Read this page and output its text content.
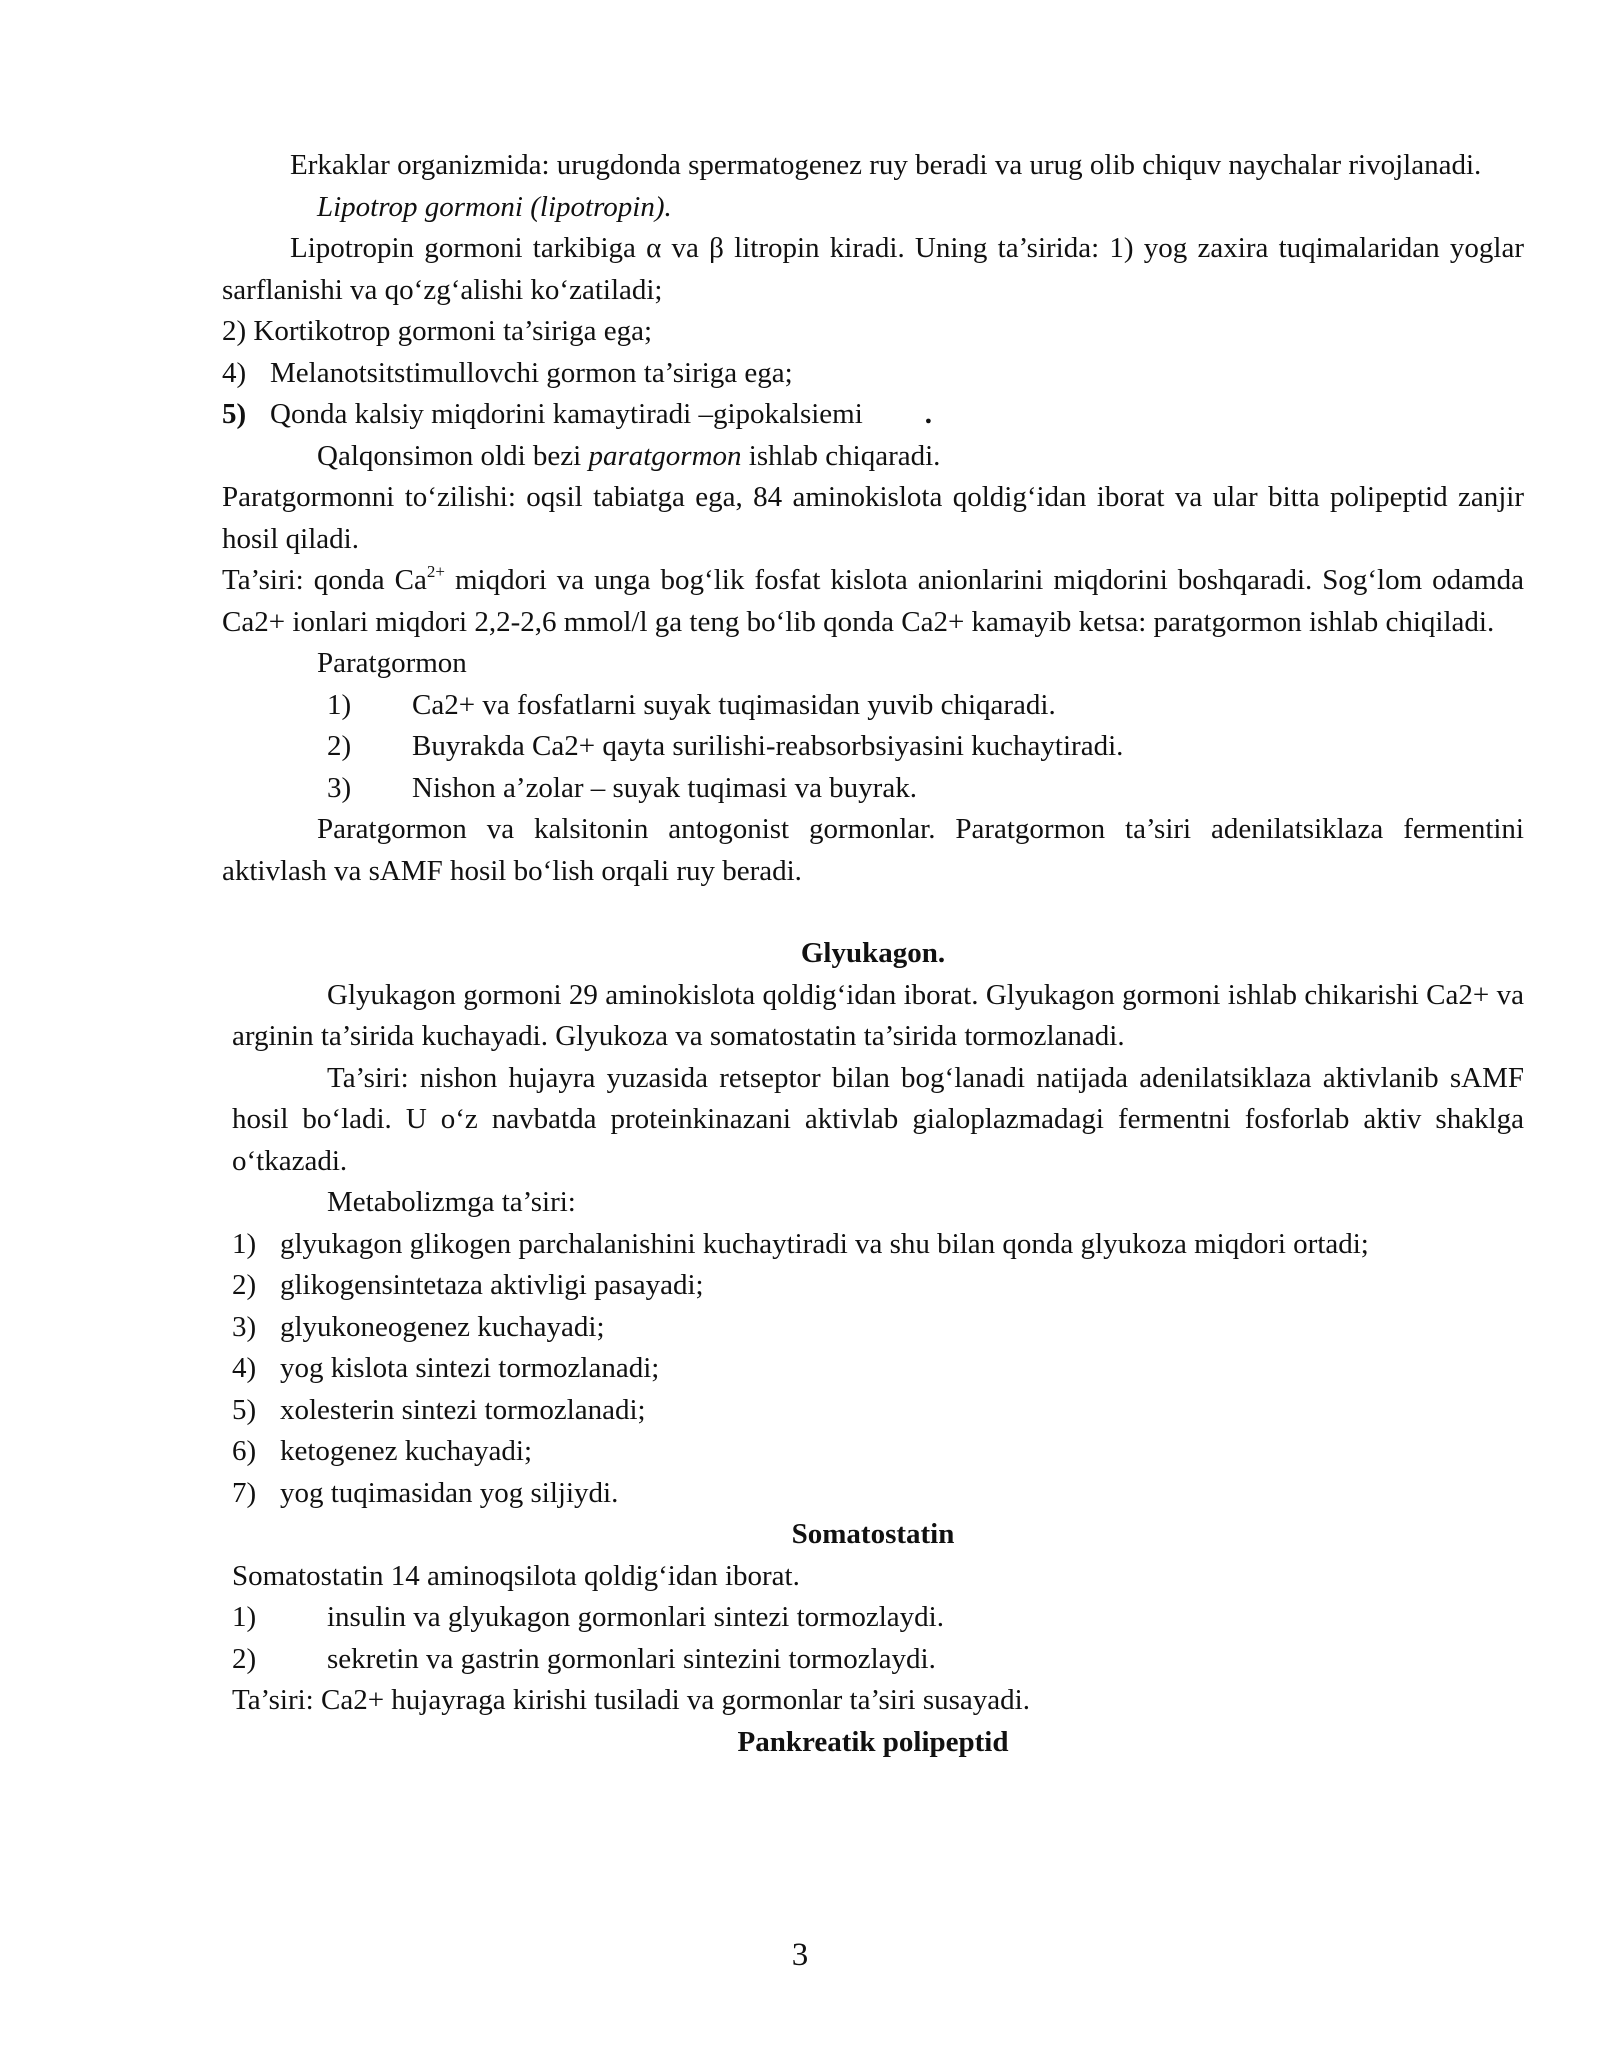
Erkaklar organizmida: urugdonda spermatogenez ruy beradi va urug olib chiquv naychalar rivojlanadi.

Lipotrop gormoni (lipotropin).

Lipotropin gormoni tarkibiga α va β litropin kiradi. Uning ta’sirida: 1) yog zaxira tuqimalaridan yoglar sarflanishi va qo‘zg‘alishi ko‘zatiladi;

2) Kortikotrop gormoni ta’siriga ega;

4) Melanotsitstimullovchi gormon ta’siriga ega;
5) Qonda kalsiy miqdorini kamaytiradi –gipokalsiemi .

Qalqonsimon oldi bezi paratgormon ishlab chiqaradi.

Paratgormonni to‘zilishi: oqsil tabiatga ega, 84 aminokislota qoldig‘idan iborat va ular bitta polipeptid zanjir hosil qiladi.

Ta’siri: qonda $Ca^{2+}$ miqdori va unga bog‘lik fosfat kislota anionlarini miqdorini boshqaradi. Sog‘lom odamda Ca2+ ionlari miqdori 2,2-2,6 mmol/l ga teng bo‘lib qonda Ca2+ kamayib ketsa: paratgormon ishlab chiqiladi.

Paratgormon

1)	Ca2+ va fosfatlarni suyak tuqimasidan yuvib chiqaradi.
2)	Buyrakda Ca2+ qayta surilishi-reabsorbsiyasini kuchaytiradi.
3)	Nishon a’zolar – suyak tuqimasi va buyrak.

Paratgormon va kalsitonin antogonist gormonlar. Paratgormon ta’siri adenilatsiklaza fermentini aktivlash va sAMF hosil bo‘lish orqali ruy beradi.

Glyukagon.

Glyukagon gormoni 29 aminokislota qoldig‘idan iborat. Glyukagon gormoni ishlab chikarishi Ca2+ va arginin ta’sirida kuchayadi. Glyukoza va somatostatin ta’sirida tormozlanadi.

Ta’siri: nishon hujayra yuzasida retseptor bilan bog‘lanadi natijada adenilatsiklaza aktivlanib sAMF hosil bo‘ladi. U o‘z navbatda proteinkinazani aktivlab gialoplazmadagi fermentni fosforlab aktiv shaklga o‘tkazadi.

Metabolizmga ta’siri:

1) glyukagon glikogen parchalanishini kuchaytiradi va shu bilan qonda glyukoza miqdori ortadi;
2) glikogensintetaza aktivligi pasayadi;
3) glyukoneogenez kuchayadi;
4) yog kislota sintezi tormozlanadi;
5) xolesterin sintezi tormozlanadi;
6) ketogenez kuchayadi;
7) yog tuqimasidan yog siljiydi.

Somatostatin

Somatostatin 14 aminoqsilota qoldig‘idan iborat.

1)	insulin va glyukagon gormonlari sintezi tormozlaydi.
2)	sekretin va gastrin gormonlari sintezini tormozlaydi.

Ta’siri: Ca2+ hujayraga kirishi tusiladi va gormonlar ta’siri susayadi.

Pankreatik polipeptid

3
